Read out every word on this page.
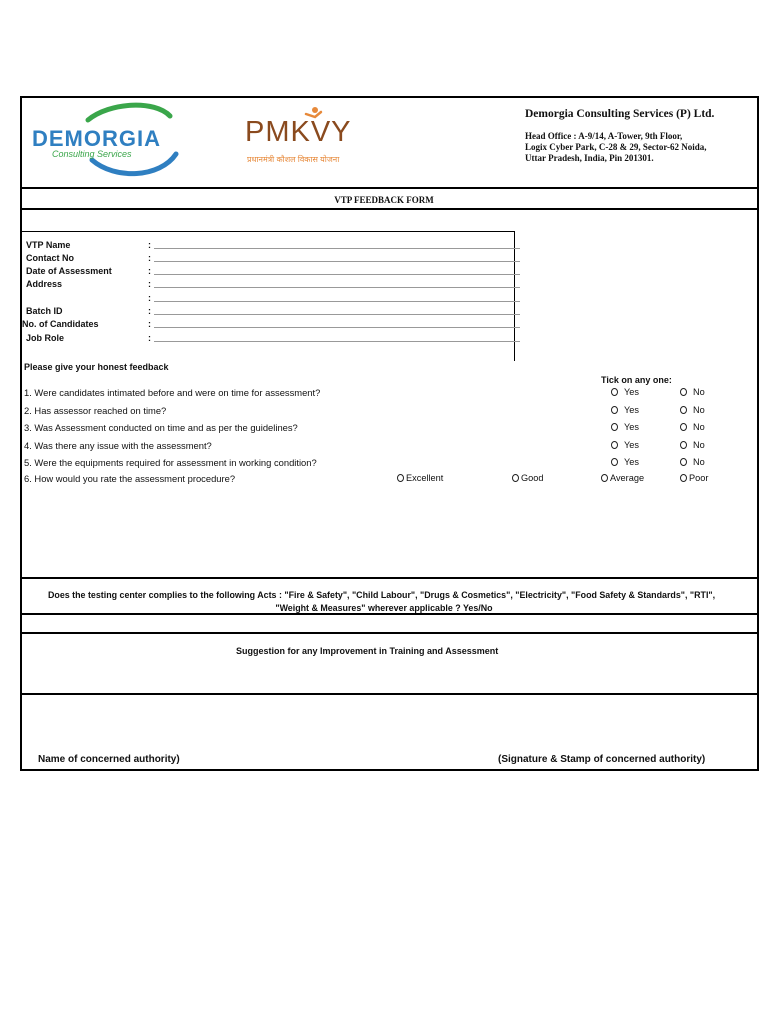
DEMORGIA
Consulting Services
PMKVY
प्रधानमंत्री कौशल विकास योजना
Demorgia Consulting Services (P) Ltd.
Head Office : A-9/14, A-Tower, 9th Floor,
Logix Cyber Park, C-28 & 29, Sector-62 Noida,
Uttar Pradesh, India, Pin 201301.
VTP FEEDBACK FORM
VTP Name	:
Contact No	:
Date of Assessment	:
Address	:
:
Batch ID	:
No. of Candidates	:
Job Role	:
Please give your honest feedback
Tick on any one:
1. Were candidates intimated before and were on time for assessment?	Yes	No
2. Has assessor reached on time?	Yes	No
3. Was Assessment conducted on time and as per the guidelines?	Yes	No
4. Was there any issue with the assessment?	Yes	No
5. Were the equipments required for assessment in working condition?	Yes	No
6. How would you rate the assessment procedure?	Excellent	Good	Average	Poor
Does the testing center complies to the following Acts : "Fire & Safety", "Child Labour", "Drugs & Cosmetics", "Electricity", "Food Safety & Standards", "RTI",
"Weight & Measures" wherever applicable ? Yes/No
Suggestion for any Improvement in Training and Assessment
Name of concerned authority)	(Signature & Stamp of concerned authority)
